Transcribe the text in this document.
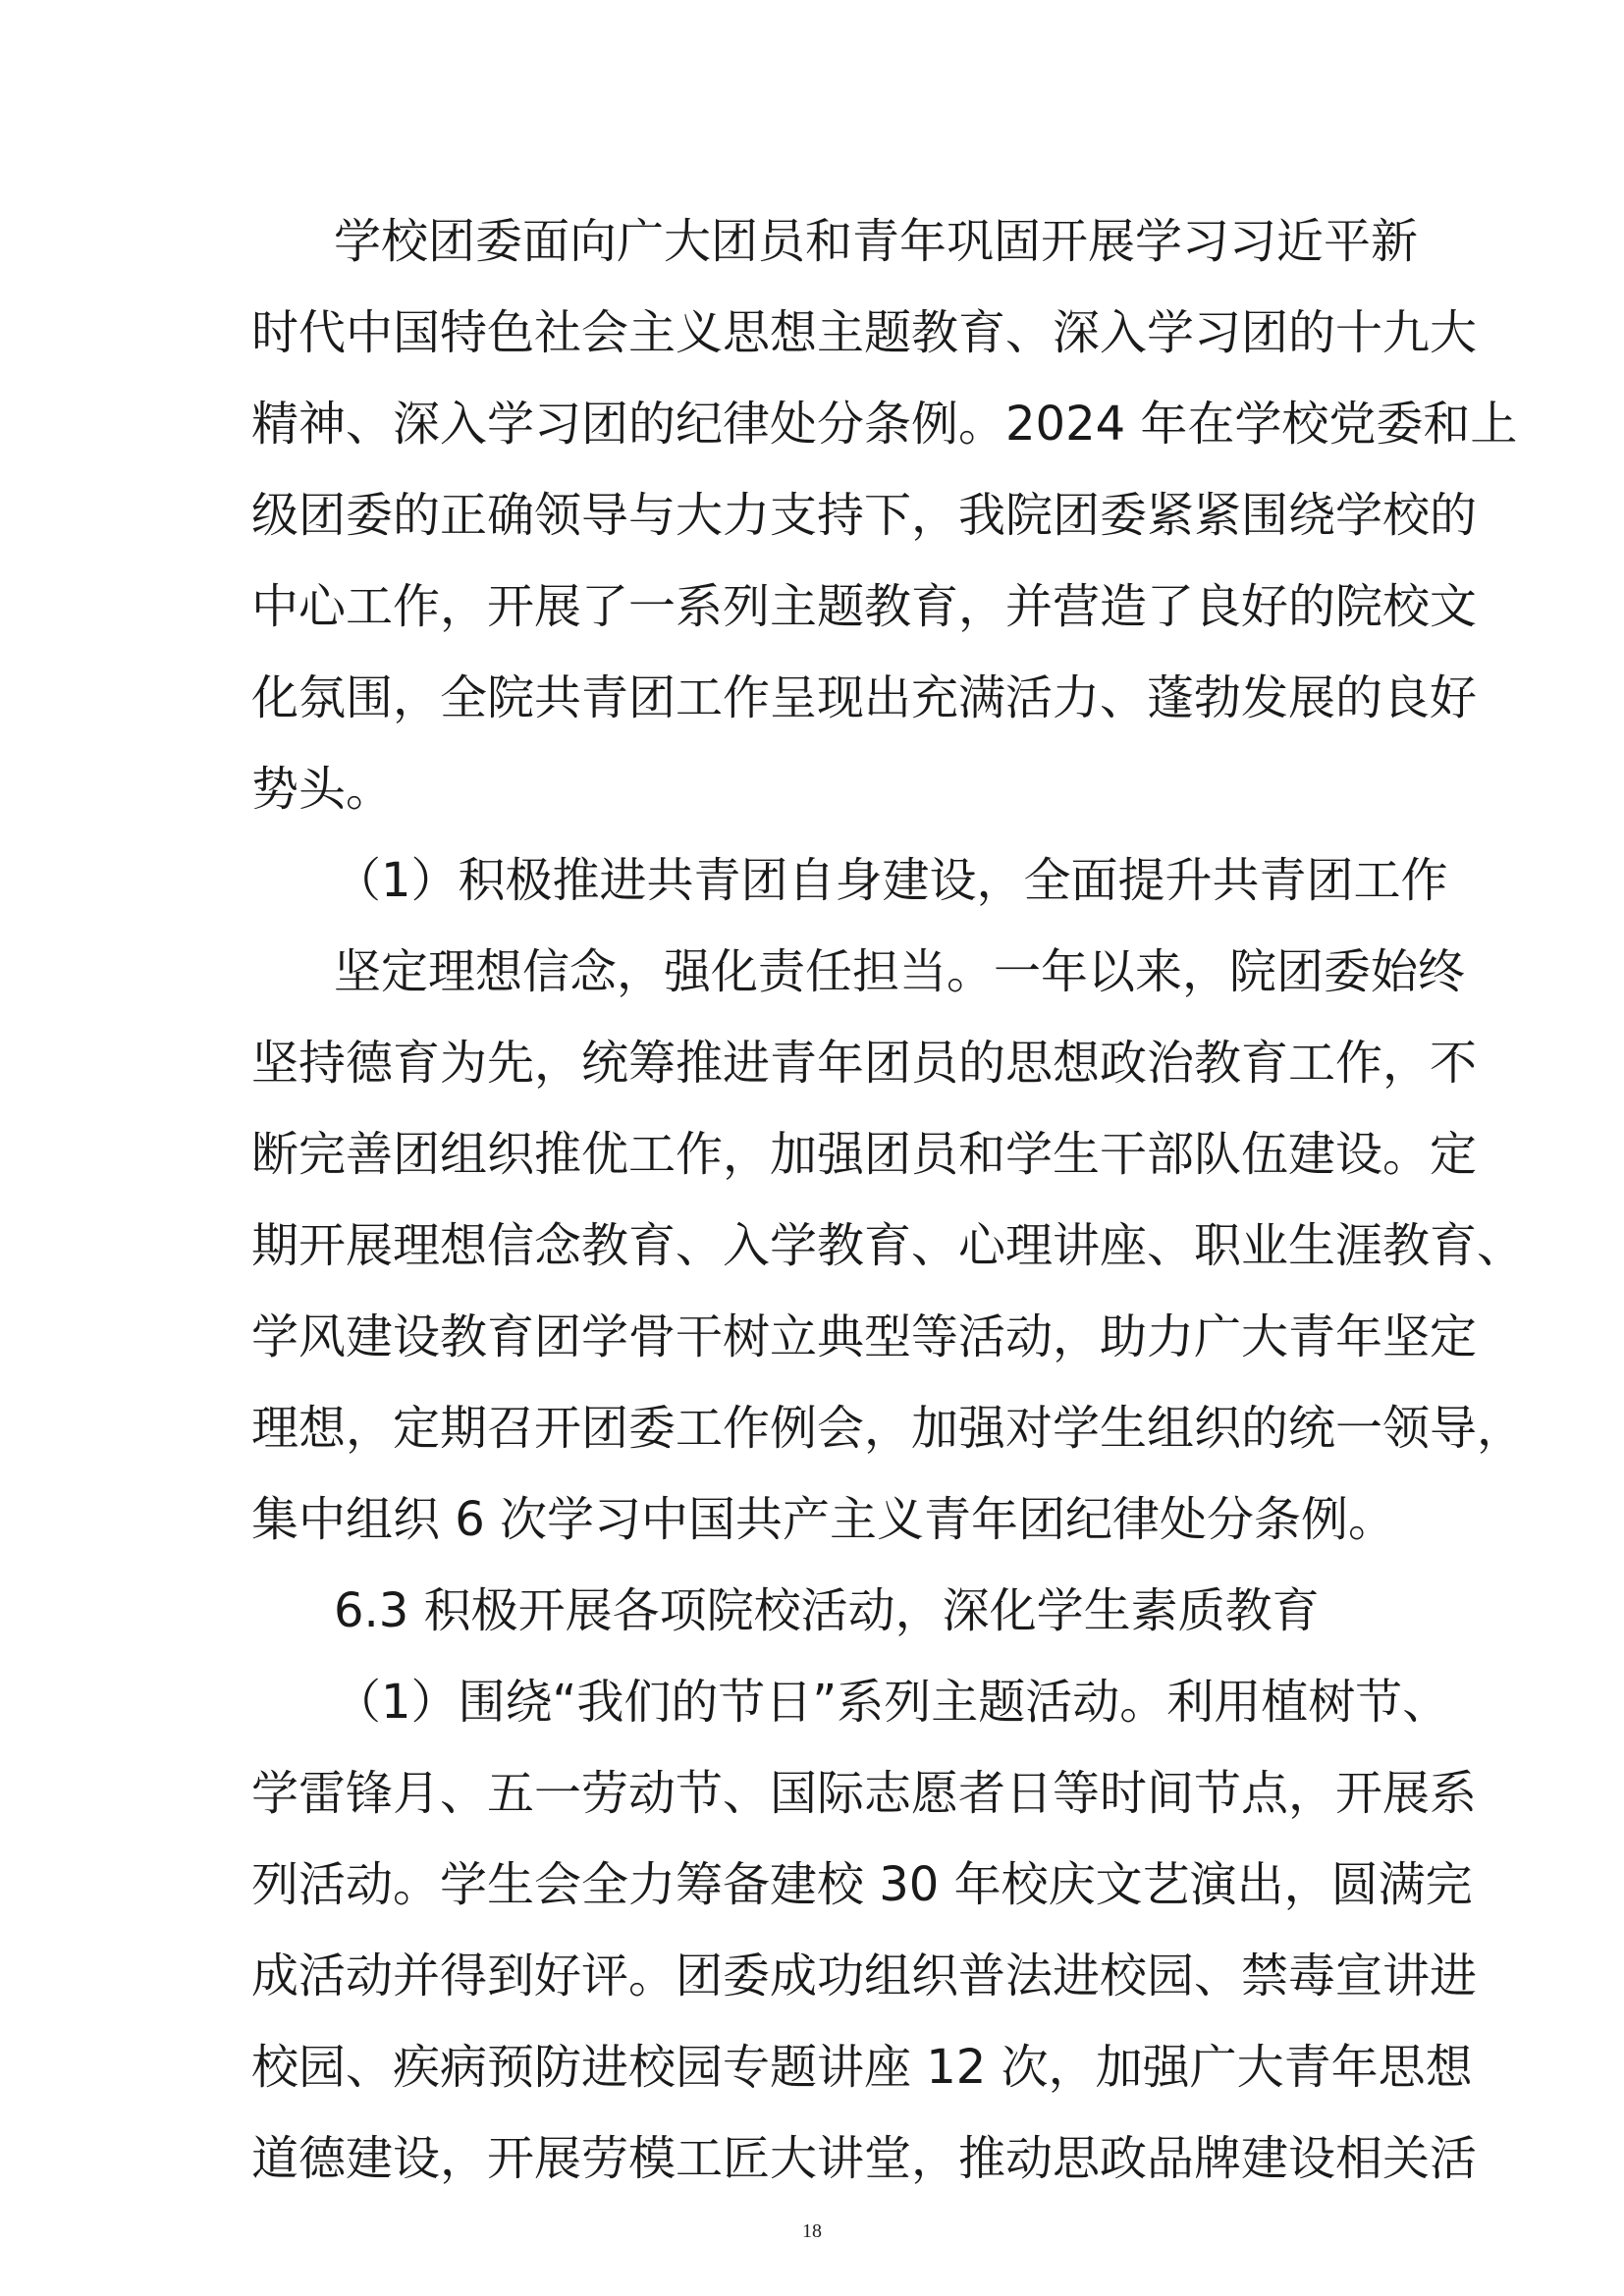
学校团委面向广大团员和青年巩固开展学习习近平新
时代中国特色社会主义思想主题教育、深入学习团的十九大
精神、深入学习团的纪律处分条例。2024 年在学校党委和上
级团委的正确领导与大力支持下，我院团委紧紧围绕学校的
中心工作，开展了一系列主题教育，并营造了良好的院校文
化氛围，全院共青团工作呈现出充满活力、蓬勃发展的良好
势头。
（1）积极推进共青团自身建设，全面提升共青团工作
坚定理想信念，强化责任担当。一年以来，院团委始终
坚持德育为先，统筹推进青年团员的思想政治教育工作，不
断完善团组织推优工作，加强团员和学生干部队伍建设。定
期开展理想信念教育、入学教育、心理讲座、职业生涯教育、
学风建设教育团学骨干树立典型等活动，助力广大青年坚定
理想，定期召开团委工作例会，加强对学生组织的统一领导，
集中组织 6 次学习中国共产主义青年团纪律处分条例。
6.3 积极开展各项院校活动，深化学生素质教育
（1）围绕“我们的节日”系列主题活动。利用植树节、
学雷锋月、五一劳动节、国际志愿者日等时间节点，开展系
列活动。学生会全力筹备建校 30 年校庆文艺演出，圆满完
成活动并得到好评。团委成功组织普法进校园、禁毒宣讲进
校园、疾病预防进校园专题讲座 12 次，加强广大青年思想
道德建设，开展劳模工匠大讲堂，推动思政品牌建设相关活
18
